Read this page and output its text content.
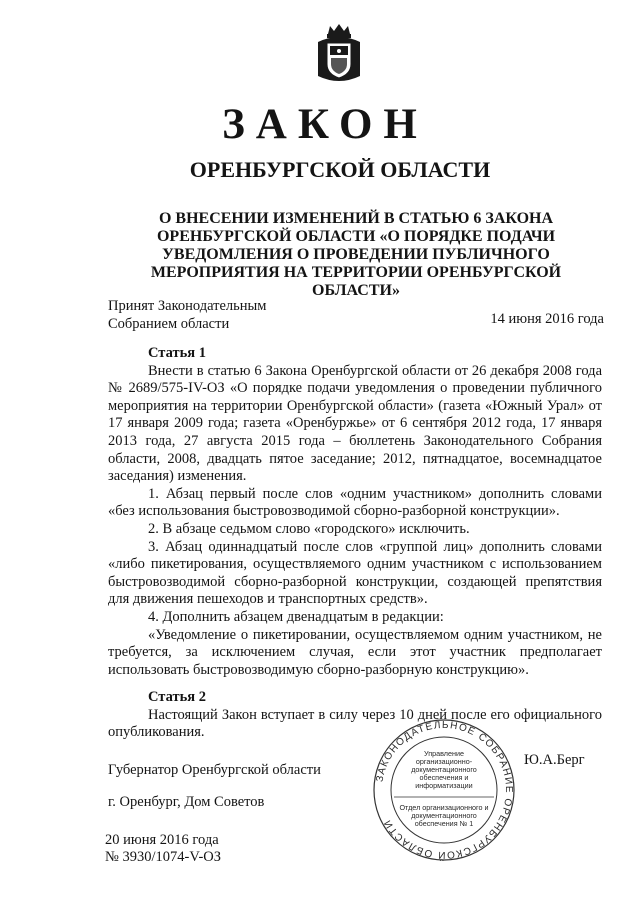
ЗАКОН
ОРЕНБУРГСКОЙ ОБЛАСТИ
О ВНЕСЕНИИ ИЗМЕНЕНИЙ В СТАТЬЮ 6 ЗАКОНА ОРЕНБУРГСКОЙ ОБЛАСТИ «О ПОРЯДКЕ ПОДАЧИ УВЕДОМЛЕНИЯ О ПРОВЕДЕНИИ ПУБЛИЧНОГО МЕРОПРИЯТИЯ НА ТЕРРИТОРИИ ОРЕНБУРГСКОЙ ОБЛАСТИ»
Принят Законодательным
Собранием области	14 июня 2016 года

Статья 1

Внести в статью 6 Закона Оренбургской области от 26 декабря 2008 года № 2689/575-IV-ОЗ «О порядке подачи уведомления о проведении публичного мероприятия на территории Оренбургской области» (газета «Южный Урал» от 17 января 2009 года; газета «Оренбуржье» от 6 сентября 2012 года, 17 января 2013 года, 27 августа 2015 года – бюллетень Законодательного Собрания области, 2008, двадцать пятое заседание; 2012, пятнадцатое, восемнадцатое заседания) изменения.

1. Абзац первый после слов «одним участником» дополнить словами «без использования быстровозводимой сборно-разборной конструкции».

2. В абзаце седьмом слово «городского» исключить.

3. Абзац одиннадцатый после слов «группой лиц» дополнить словами «либо пикетирования, осуществляемого одним участником с использованием быстровозводимой сборно-разборной конструкции, создающей препятствия для движения пешеходов и транспортных средств».

4. Дополнить абзацем двенадцатым в редакции:

«Уведомление о пикетировании, осуществляемом одним участником, не требуется, за исключением случая, если этот участник предполагает использовать быстровозводимую сборно-разборную конструкцию».

Статья 2

Настоящий Закон вступает в силу через 10 дней после его официального опубликования.

ЗАКОНОДАТЕЛЬНОЕ СОБРАНИЕ ОРЕНБУРГСКОЙ ОБЛАСТИ
Управление организационно-документационного обеспечения и информатизации
Отдел организационного и документационного обеспечения № 1
Губернатор Оренбургской области
Ю.А.Берг
г. Оренбург, Дом Советов
20 июня 2016 года
№ 3930/1074-V-ОЗ
